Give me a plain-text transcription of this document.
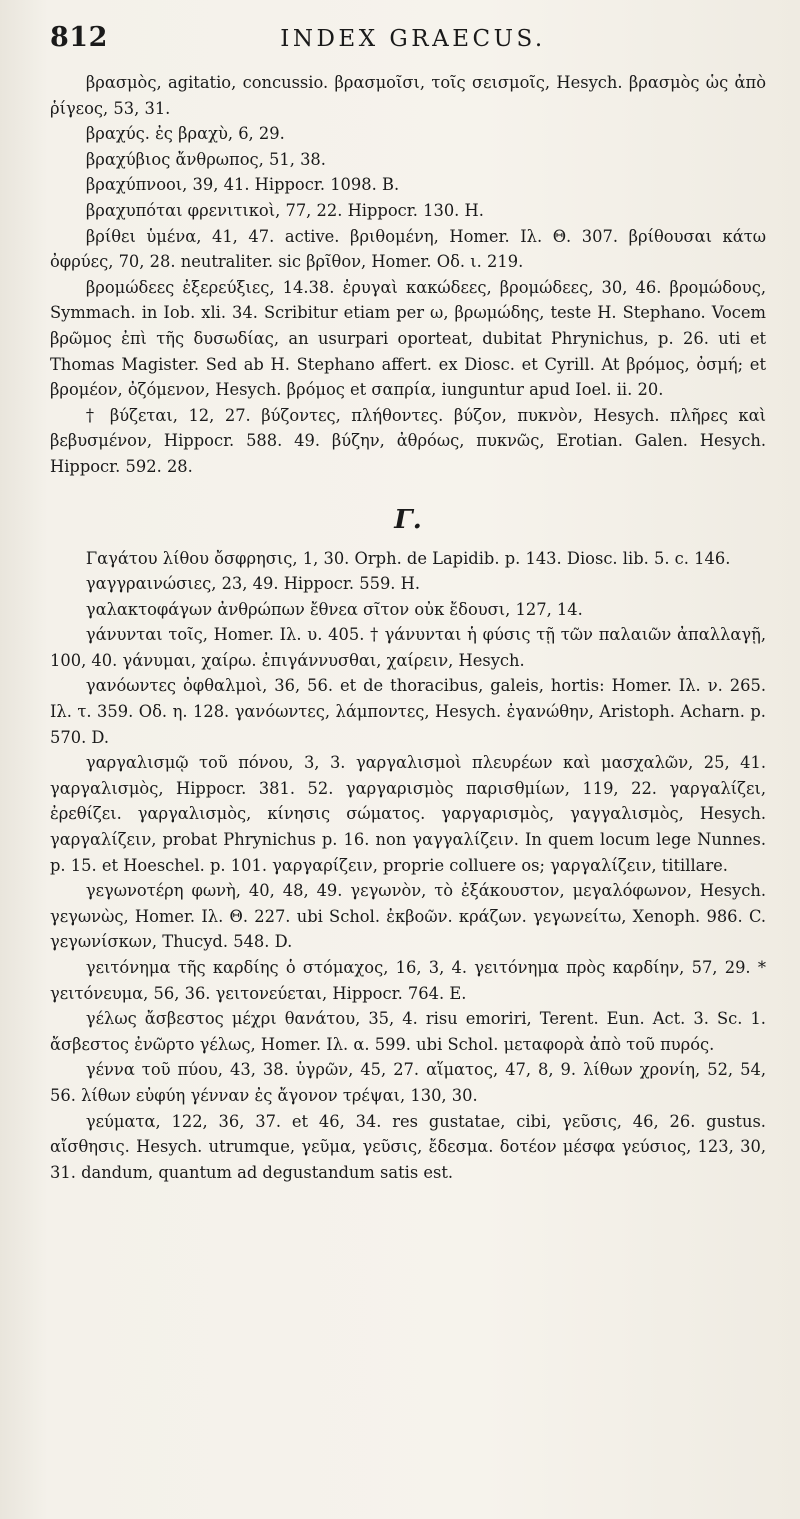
812	INDEX GRAECUS.

βρασμὸς, agitatio, concussio. βρασμοῖσι, τοῖς σεισμοῖς, Hesych. βρασμὸς ὡς ἀπὸ ῥίγεος, 53, 31.

βραχύς. ἐς βραχὺ, 6, 29.

βραχύβιος ἄνθρωπος, 51, 38.

βραχύπνοοι, 39, 41. Hippocr. 1098. B.

βραχυπόται φρενιτικοὶ, 77, 22. Hippocr. 130. H.

βρίθει ὑμένα, 41, 47. active. βριθομένη, Homer. Ιλ. Θ. 307. βρίθουσαι κάτω ὀφρύες, 70, 28. neutraliter. sic βρῖθον, Homer. Οδ. ι. 219.

βρομώδεες ἐξερεύξιες, 14.38. ἐρυγαὶ κακώδεες, βρομώδεες, 30, 46. βρομώδους, Symmach. in Iob. xli. 34. Scribitur etiam per ω, βρωμώδης, teste H. Stephano. Vocem βρῶμος ἐπὶ τῆς δυσωδίας, an usurpari oporteat, dubitat Phrynichus, p. 26. uti et Thomas Magister. Sed ab H. Stephano affert. ex Diosc. et Cyrill. At βρόμος, ὀσμή; et βρομέον, ὀζόμενον, Hesych. βρόμος et σαπρία, iunguntur apud Ioel. ii. 20.

† βύζεται, 12, 27. βύζοντες, πλήθοντες. βύζον, πυκνὸν, Hesych. πλῆρες καὶ βεβυσμένον, Hippocr. 588. 49. βύζην, ἀθρόως, πυκνῶς, Erotian. Galen. Hesych. Hippocr. 592. 28.

Γ.

Γαγάτου λίθου ὄσφρησις, 1, 30. Orph. de Lapidib. p. 143. Diosc. lib. 5. c. 146.

γαγγραινώσιες, 23, 49. Hippocr. 559. H.

γαλακτοφάγων ἀνθρώπων ἔθνεα σῖτον οὐκ ἔδουσι, 127, 14.

γάνυνται τοῖς, Homer. Ιλ. υ. 405. † γάνυνται ἡ φύσις τῇ τῶν παλαιῶν ἀπαλλαγῇ, 100, 40. γάνυμαι, χαίρω. ἐπιγάννυσθαι, χαίρειν, Hesych.

γανόωντες ὀφθαλμοὶ, 36, 56. et de thoracibus, galeis, hortis: Homer. Ιλ. ν. 265. Ιλ. τ. 359. Οδ. η. 128. γανόωντες, λάμποντες, Hesych. ἐγανώθην, Aristoph. Acharn. p. 570. D.

γαργαλισμῷ τοῦ πόνου, 3, 3. γαργαλισμοὶ πλευρέων καὶ μασχαλῶν, 25, 41. γαργαλισμὸς, Hippocr. 381. 52. γαργαρισμὸς παρισθμίων, 119, 22. γαργαλίζει, ἐρεθίζει. γαργαλισμὸς, κίνησις σώματος. γαργαρισμὸς, γαγγαλισμὸς, Hesych. γαργαλίζειν, probat Phrynichus p. 16. non γαγγαλίζειν. In quem locum lege Nunnes. p. 15. et Hoeschel. p. 101. γαργαρίζειν, proprie colluere os; γαργαλίζειν, titillare.

γεγωνοτέρη φωνὴ, 40, 48, 49. γεγωνὸν, τὸ ἐξάκουστον, μεγαλόφωνον, Hesych. γεγωνὼς, Homer. Ιλ. Θ. 227. ubi Schol. ἐκβοῶν. κράζων. γεγωνείτω, Xenoph. 986. C. γεγωνίσκων, Thucyd. 548. D.

γειτόνημα τῆς καρδίης ὁ στόμαχος, 16, 3, 4. γειτόνημα πρὸς καρδίην, 57, 29. * γειτόνευμα, 56, 36. γειτονεύεται, Hippocr. 764. E.

γέλως ἄσβεστος μέχρι θανάτου, 35, 4. risu emoriri, Terent. Eun. Act. 3. Sc. 1. ἄσβεστος ἐνῶρτο γέλως, Homer. Ιλ. α. 599. ubi Schol. μεταφορὰ ἀπὸ τοῦ πυρός.

γέννα τοῦ πύου, 43, 38. ὑγρῶν, 45, 27. αἵματος, 47, 8, 9. λίθων χρονίη, 52, 54, 56. λίθων εὐφύη γένναν ἐς ἄγονον τρέψαι, 130, 30.

γεύματα, 122, 36, 37. et 46, 34. res gustatae, cibi, γεῦσις, 46, 26. gustus. αἴσθησις. Hesych. utrumque, γεῦμα, γεῦσις, ἔδεσμα. δοτέον μέσφα γεύσιος, 123, 30, 31. dandum, quantum ad degustandum satis est.
